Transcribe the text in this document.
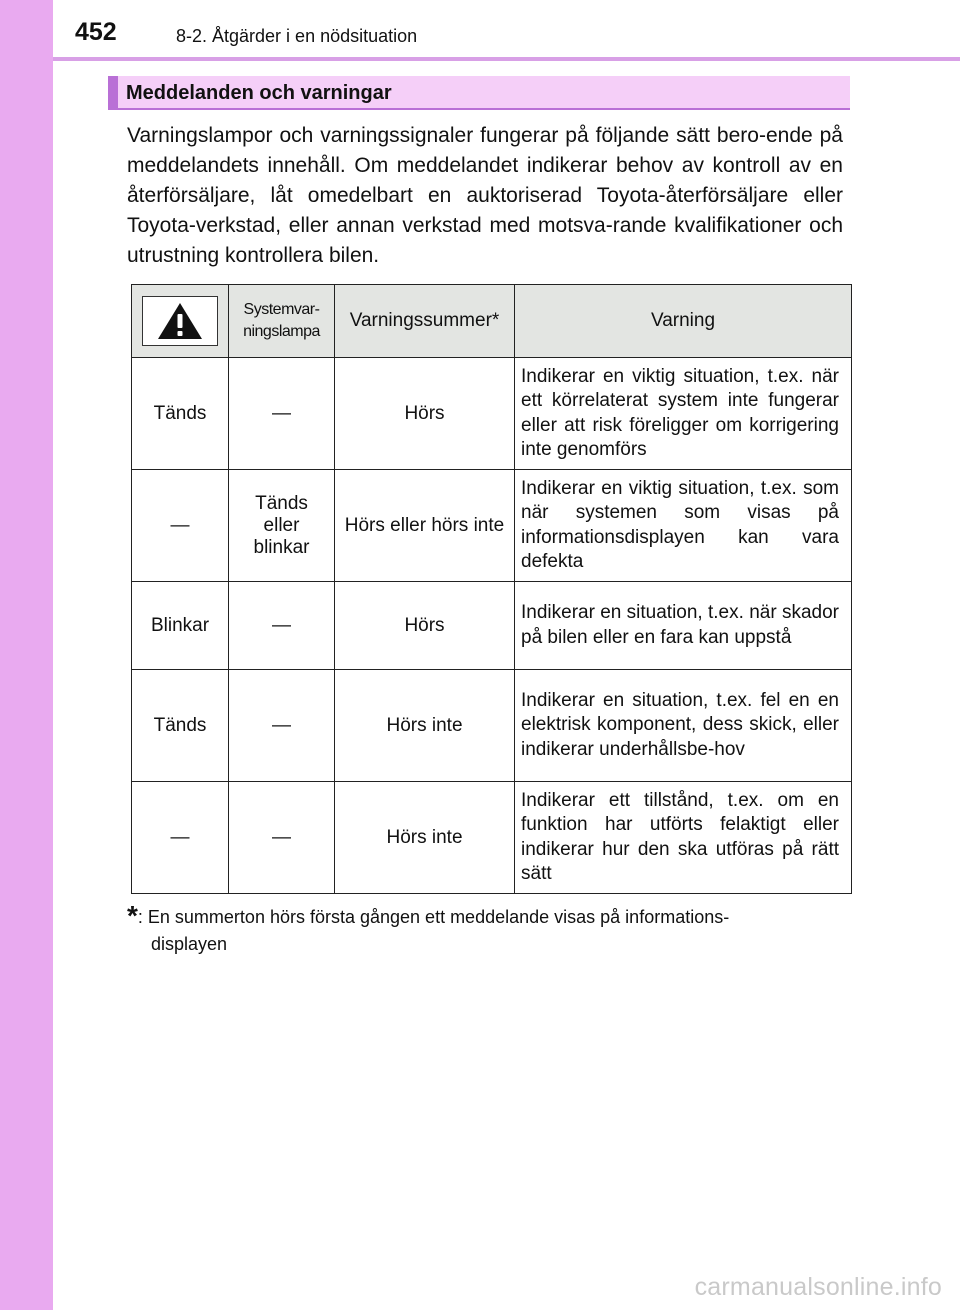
452	8-2. Åtgärder i en nödsituation
Meddelanden och varningar
Varningslampor och varningssignaler fungerar på följande sätt bero-ende på meddelandets innehåll. Om meddelandet indikerar behov av kontroll av en återförsäljare, låt omedelbart en auktoriserad Toyota-återförsäljare eller Toyota-verkstad, eller annan verkstad med motsva-rande kvalifikationer och utrustning kontrollera bilen.
	Systemvar-ningslampa	Varningssummer*	Varning
Tänds	—	Hörs	Indikerar en viktig situation, t.ex. när ett körrelaterat system inte fungerar eller att risk föreligger om korrigering inte genomförs
—	Tänds eller blinkar	Hörs eller hörs inte	Indikerar en viktig situation, t.ex. som när systemen som visas på informationsdisplayen kan vara defekta
Blinkar	—	Hörs	Indikerar en situation, t.ex. när skador på bilen eller en fara kan uppstå
Tänds	—	Hörs inte	Indikerar en situation, t.ex. fel en en elektrisk komponent, dess skick, eller indikerar underhållsbe-hov
—	—	Hörs inte	Indikerar ett tillstånd, t.ex. om en funktion har utförts felaktigt eller indikerar hur den ska utföras på rätt sätt
*: En summerton hörs första gången ett meddelande visas på informations-
displayen
carmanualsonline.info
